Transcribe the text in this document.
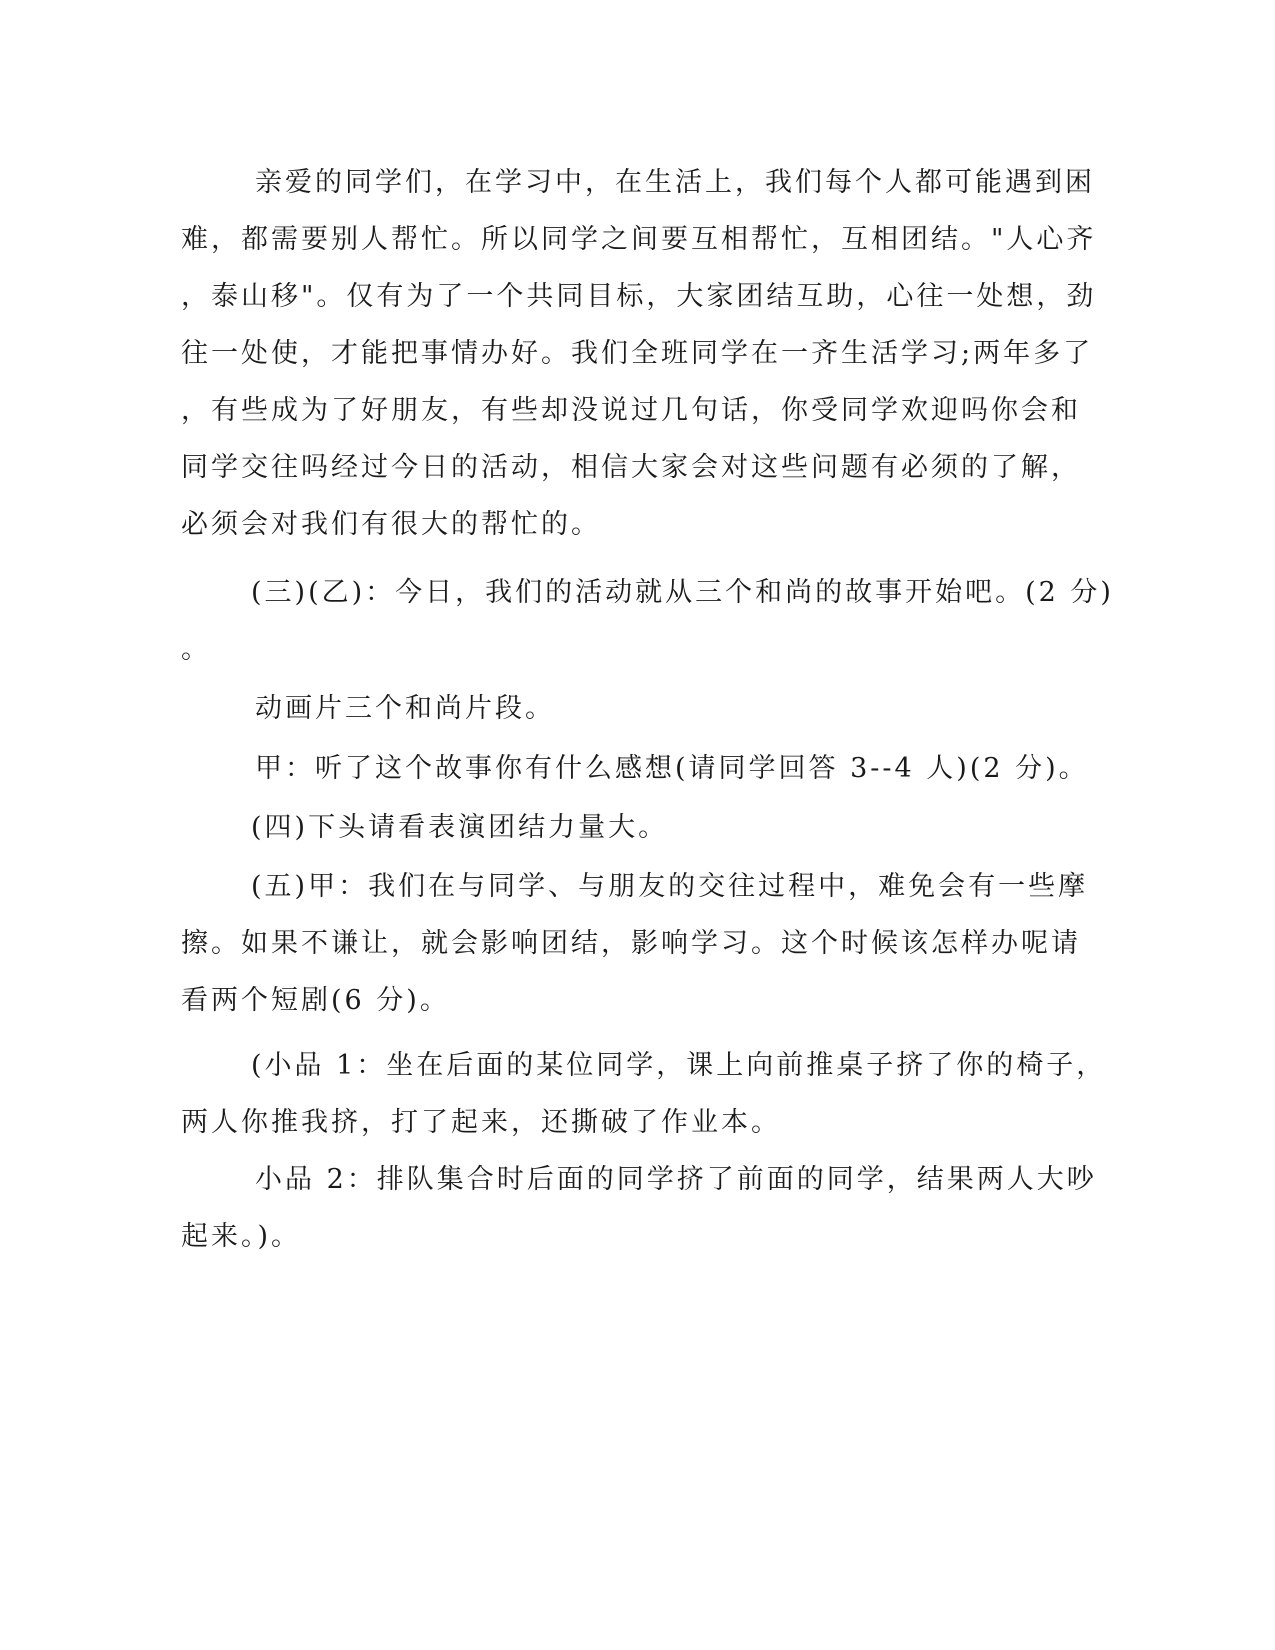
亲爱的同学们，在学习中，在生活上，我们每个人都可能遇到困
难，都需要别人帮忙。所以同学之间要互相帮忙，互相团结。"人心齐
，泰山移"。仅有为了一个共同目标，大家团结互助，心往一处想，劲
往一处使，才能把事情办好。我们全班同学在一齐生活学习;两年多了
，有些成为了好朋友，有些却没说过几句话，你受同学欢迎吗你会和
同学交往吗经过今日的活动，相信大家会对这些问题有必须的了解，
必须会对我们有很大的帮忙的。
(三)(乙)：今日，我们的活动就从三个和尚的故事开始吧。(2 分)
。
动画片三个和尚片段。
甲：听了这个故事你有什么感想(请同学回答 3--4 人)(2 分)。
(四)下头请看表演团结力量大。
(五)甲：我们在与同学、与朋友的交往过程中，难免会有一些摩
擦。如果不谦让，就会影响团结，影响学习。这个时候该怎样办呢请
看两个短剧(6 分)。
(小品 1：坐在后面的某位同学，课上向前推桌子挤了你的椅子，
两人你推我挤，打了起来，还撕破了作业本。
小品 2：排队集合时后面的同学挤了前面的同学，结果两人大吵
起来。)。
